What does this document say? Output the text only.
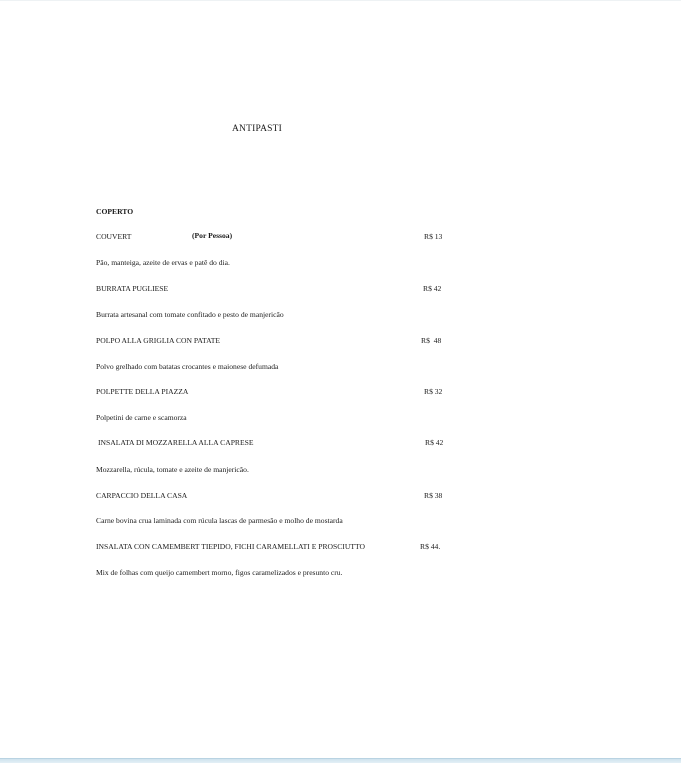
ANTIPASTI
COPERTO
COUVERT	(Por Pessoa)	R$ 13
Pão, manteiga, azeite de ervas e patê do dia.
BURRATA PUGLIESE	R$ 42
Burrata artesanal com tomate confitado e pesto de manjericão
POLPO ALLA GRIGLIA CON PATATE	R$  48
Polvo grelhado com batatas crocantes e maionese defumada
POLPETTE DELLA PIAZZA	R$ 32
Polpetini de carne e scamorza
INSALATA DI MOZZARELLA ALLA CAPRESE	R$ 42
Mozzarella, rúcula, tomate e azeite de manjericão.
CARPACCIO DELLA CASA	R$ 38
Carne bovina crua laminada com rúcula lascas de parmesão e molho de mostarda
INSALATA CON CAMEMBERT TIEPIDO, FICHI CARAMELLATI E PROSCIUTTO	R$ 44.
Mix de folhas com queijo camembert morno, figos caramelizados e presunto cru.
